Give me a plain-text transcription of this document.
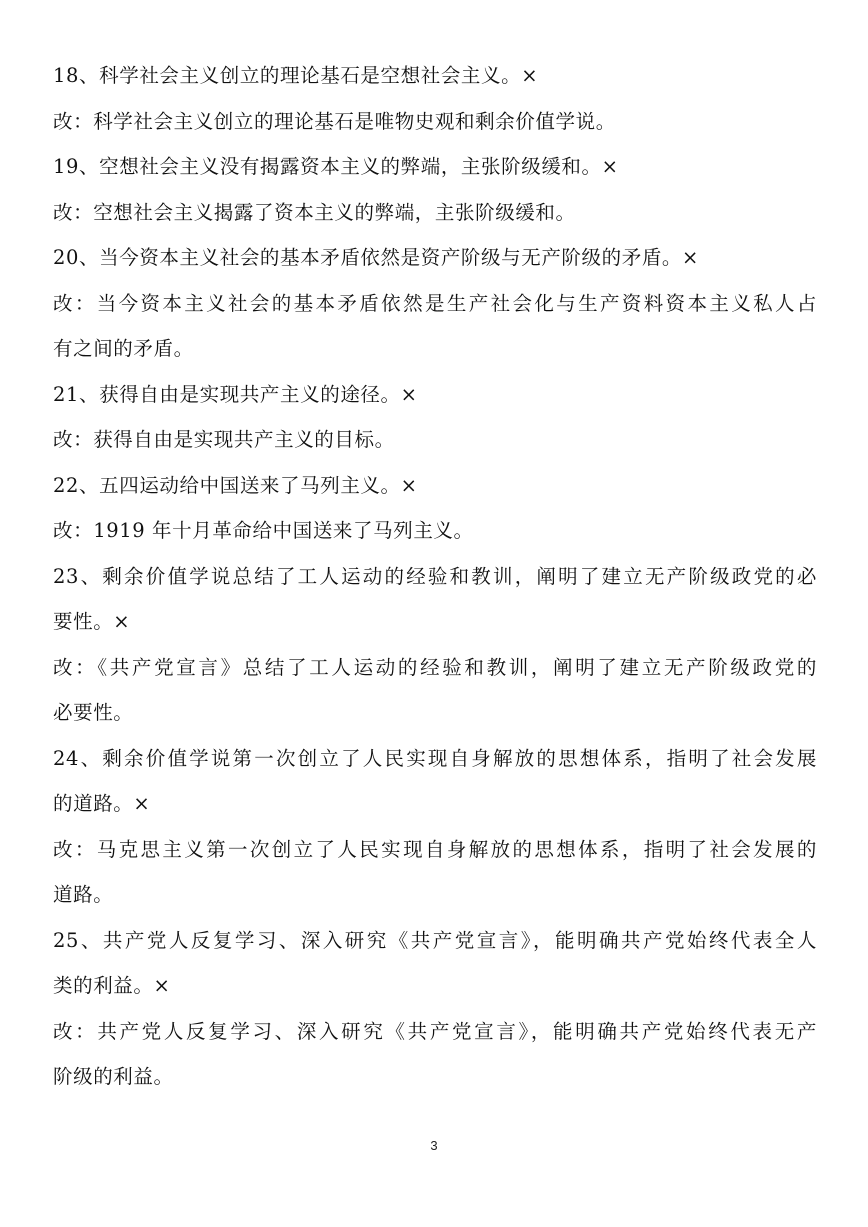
18、科学社会主义创立的理论基石是空想社会主义。×
改：科学社会主义创立的理论基石是唯物史观和剩余价值学说。
19、空想社会主义没有揭露资本主义的弊端，主张阶级缓和。×
改：空想社会主义揭露了资本主义的弊端，主张阶级缓和。
20、当今资本主义社会的基本矛盾依然是资产阶级与无产阶级的矛盾。×
改：当今资本主义社会的基本矛盾依然是生产社会化与生产资料资本主义私人占
有之间的矛盾。
21、获得自由是实现共产主义的途径。×
改：获得自由是实现共产主义的目标。
22、五四运动给中国送来了马列主义。×
改：1919 年十月革命给中国送来了马列主义。
23、剩余价值学说总结了工人运动的经验和教训，阐明了建立无产阶级政党的必
要性。×
改：《共产党宣言》总结了工人运动的经验和教训，阐明了建立无产阶级政党的
必要性。
24、剩余价值学说第一次创立了人民实现自身解放的思想体系，指明了社会发展
的道路。×
改：马克思主义第一次创立了人民实现自身解放的思想体系，指明了社会发展的
道路。
25、共产党人反复学习、深入研究《共产党宣言》，能明确共产党始终代表全人
类的利益。×
改：共产党人反复学习、深入研究《共产党宣言》，能明确共产党始终代表无产
阶级的利益。
3
